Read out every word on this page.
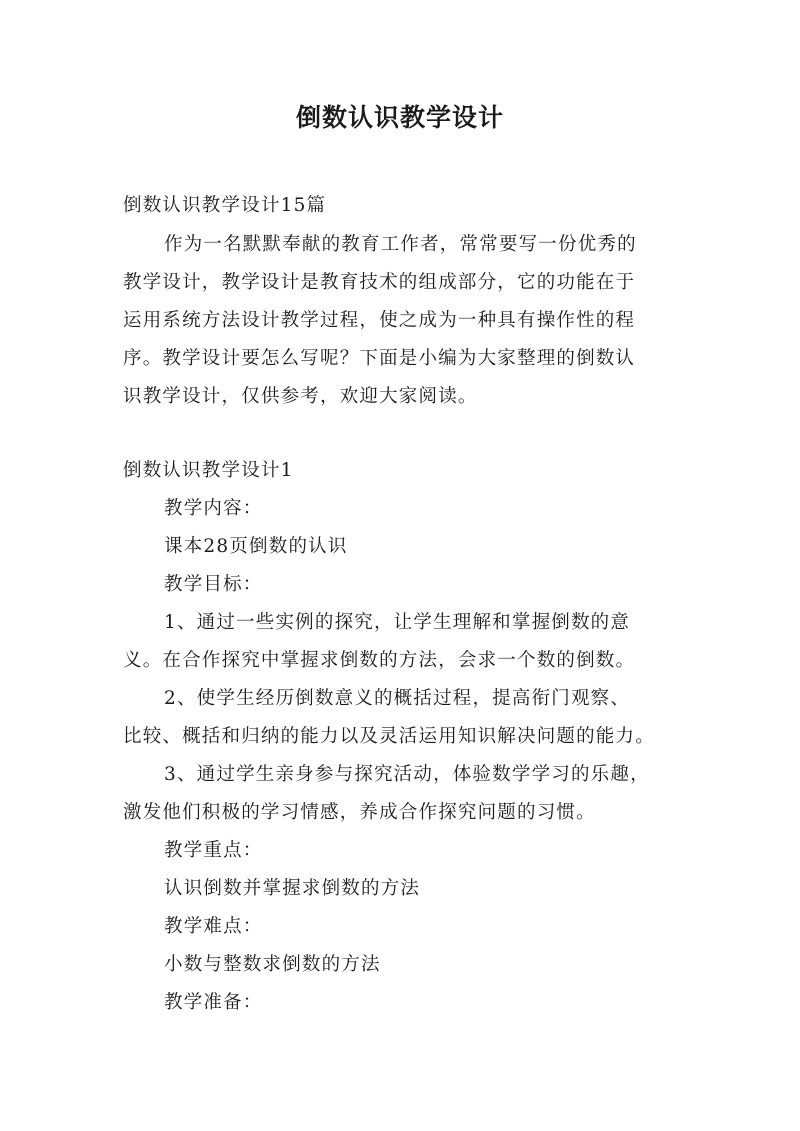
倒数认识教学设计
倒数认识教学设计15篇
作为一名默默奉献的教育工作者，常常要写一份优秀的
教学设计，教学设计是教育技术的组成部分，它的功能在于
运用系统方法设计教学过程，使之成为一种具有操作性的程
序。教学设计要怎么写呢？下面是小编为大家整理的倒数认
识教学设计，仅供参考，欢迎大家阅读。
倒数认识教学设计1
教学内容：
课本28页倒数的认识
教学目标：
1、通过一些实例的探究，让学生理解和掌握倒数的意
义。在合作探究中掌握求倒数的方法，会求一个数的倒数。
2、使学生经历倒数意义的概括过程，提高衔门观察、
比较、概括和归纳的能力以及灵活运用知识解决问题的能力。
3、通过学生亲身参与探究活动，体验数学学习的乐趣，
激发他们积极的学习情感，养成合作探究问题的习惯。
教学重点：
认识倒数并掌握求倒数的方法
教学难点：
小数与整数求倒数的方法
教学准备：
